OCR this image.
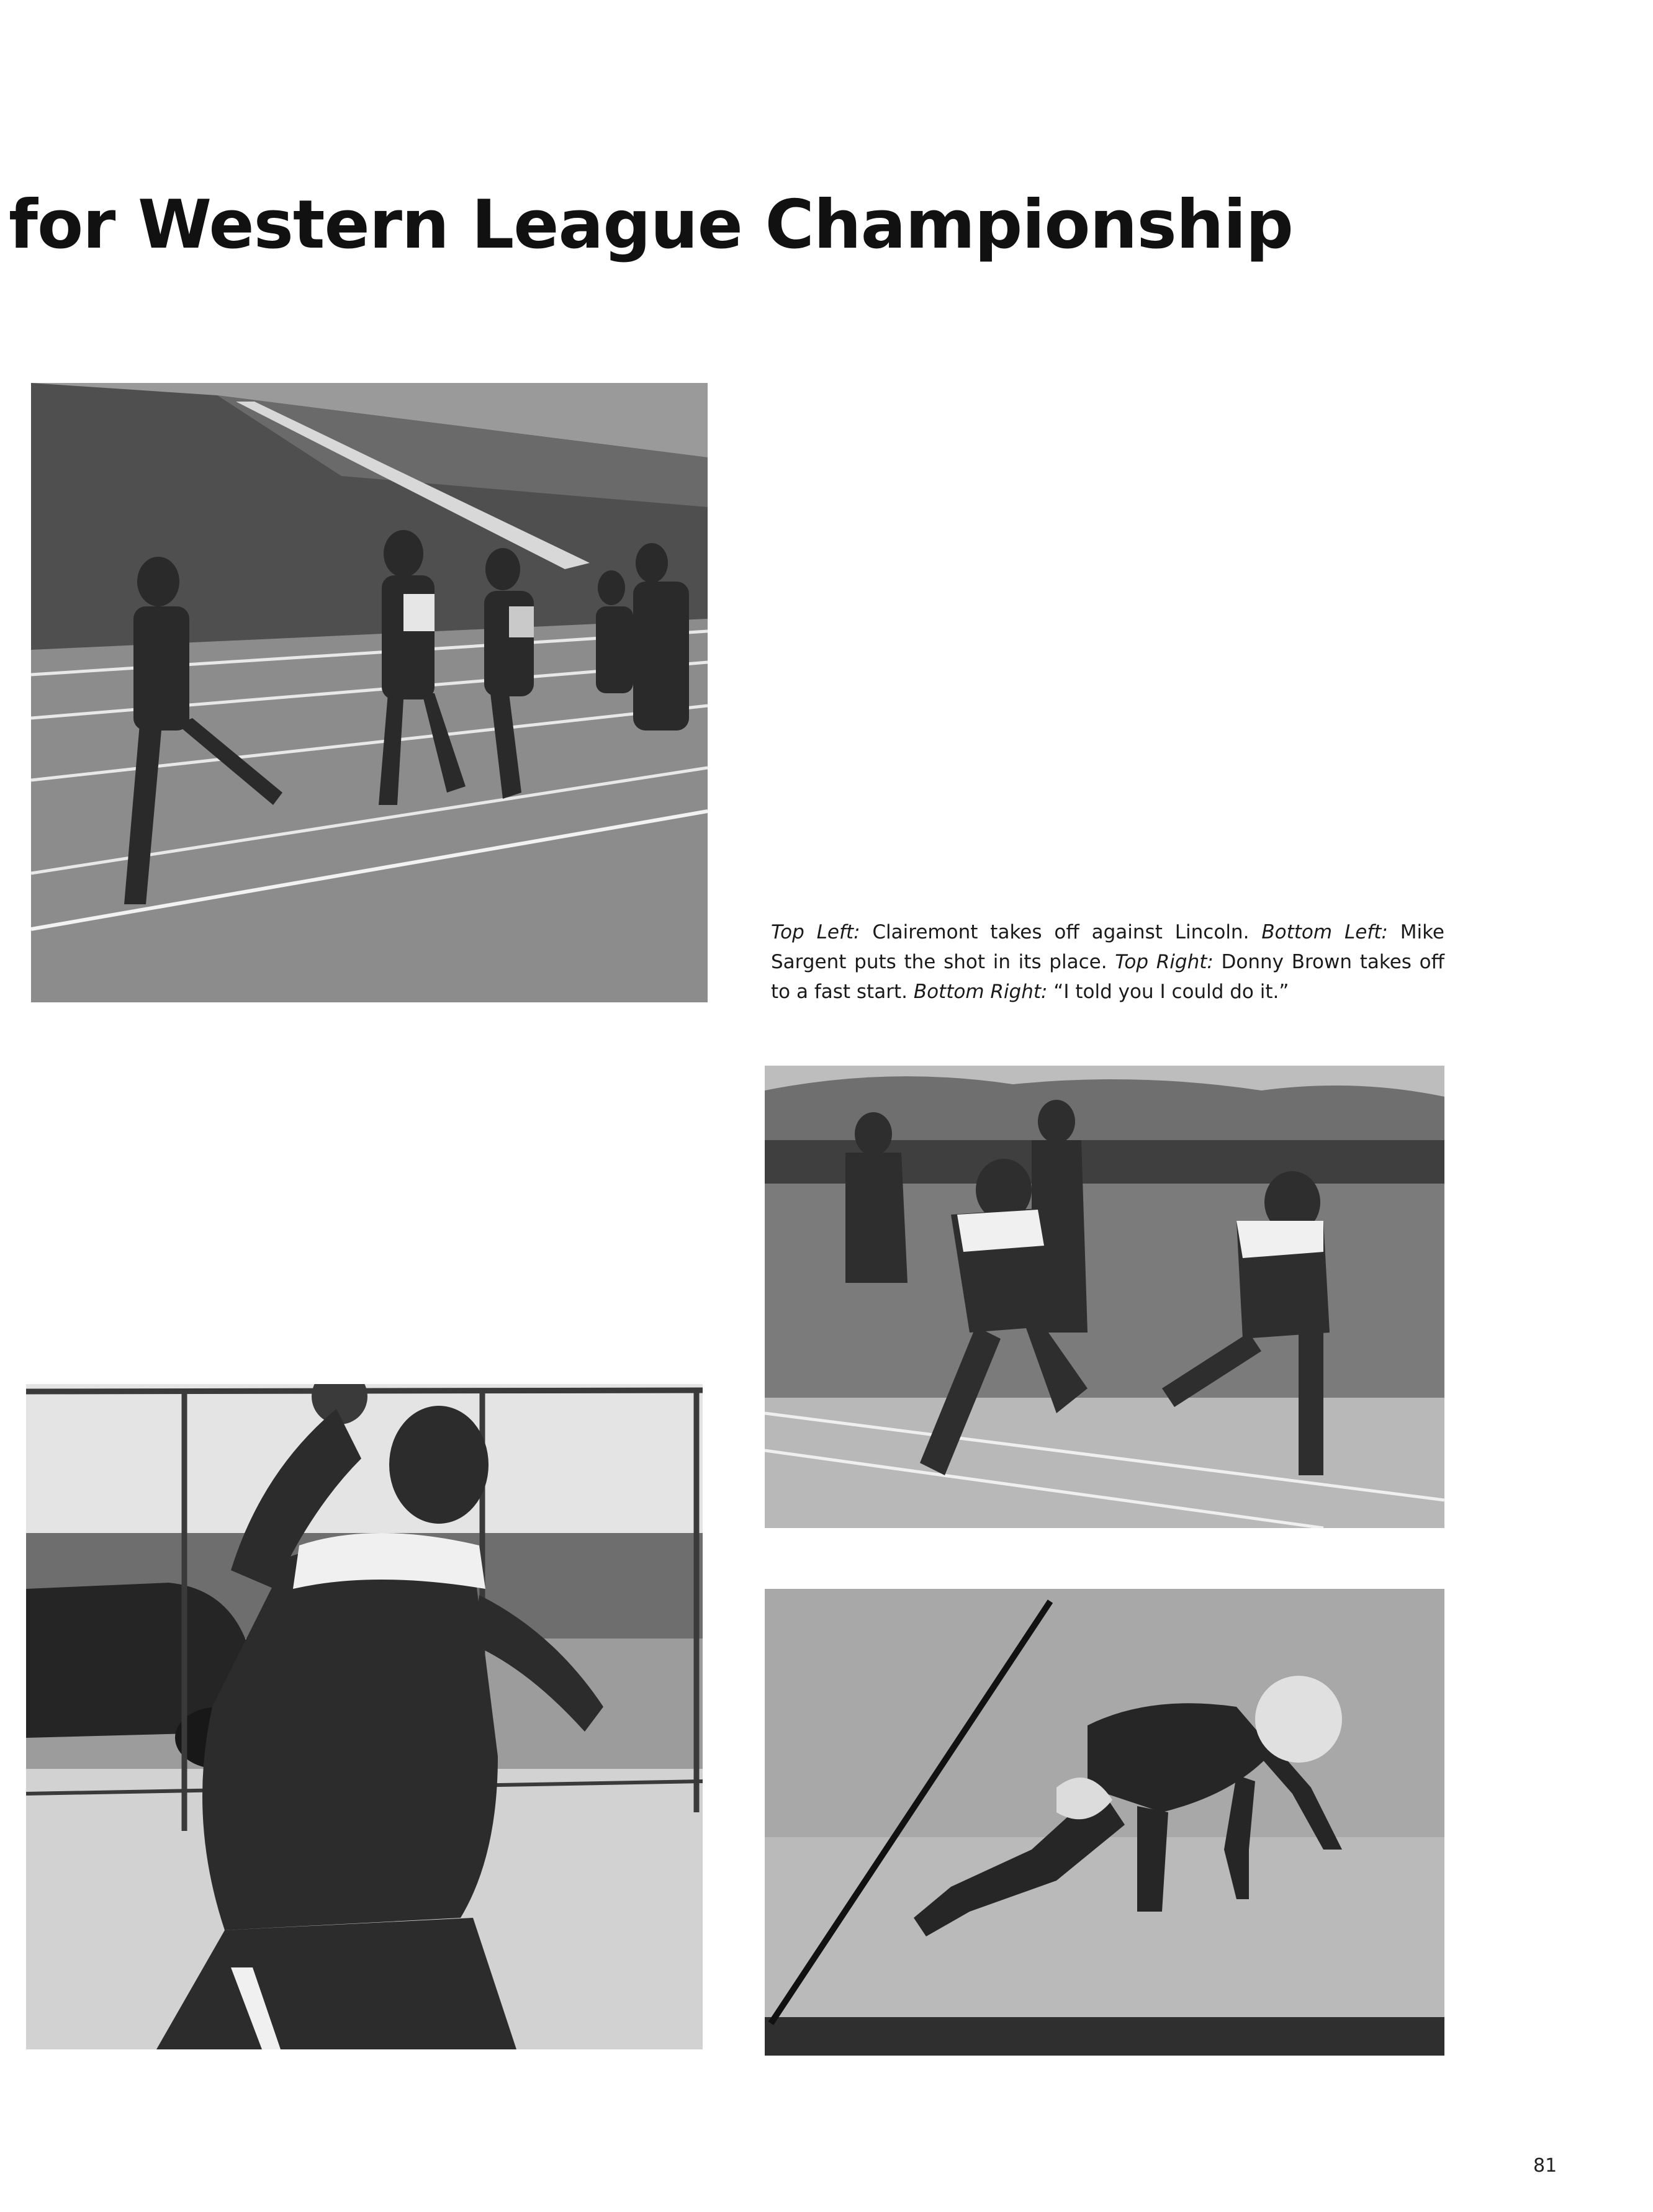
for Western League Championship

Top Left: Clairemont takes off against Lincoln. Bottom Left: Mike Sargent puts the shot in its place. Top Right: Donny Brown takes off to a fast start. Bottom Right: “I told you I could do it.”

81
